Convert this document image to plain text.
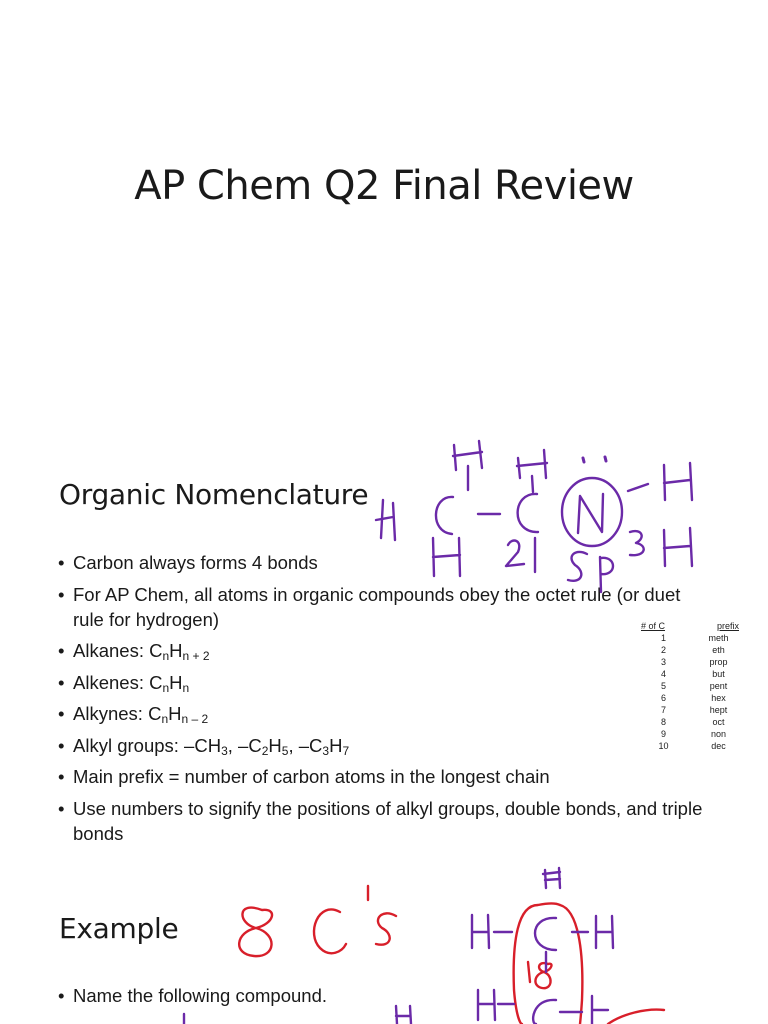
AP Chem Q2 Final Review
Organic Nomenclature
• Carbon always forms 4 bonds
• For AP Chem, all atoms in organic compounds obey the octet rule (or duet rule for hydrogen)
• Alkanes: $C_nH_{n + 2}$
• Alkenes: $C_nH_n$
• Alkynes: $C_nH_{n - 2}$
• Alkyl groups: $-CH_3$, $-C_2H_5$, $-C_3H_7$
• Main prefix = number of carbon atoms in the longest chain
• Use numbers to signify the positions of alkyl groups, double bonds, and triple bonds
# of C	prefix
1	meth
2	eth
3	prop
4	but
5	pent
6	hex
7	hept
8	oct
9	non
10	dec
Example
• Name the following compound.
